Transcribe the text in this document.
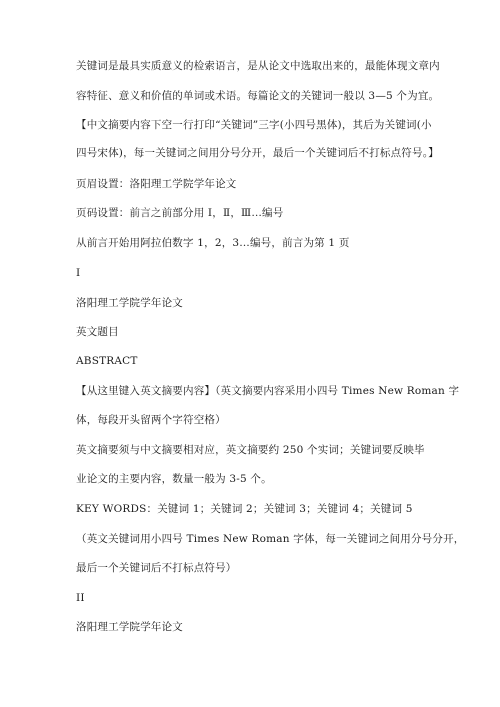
关键词是最具实质意义的检索语言，是从论文中选取出来的，最能体现文章内
容特征、意义和价值的单词或术语。每篇论文的关键词一般以 3—5 个为宜。
【中文摘要内容下空一行打印“关键词”三字(小四号黑体)，其后为关键词(小
四号宋体)，每一关键词之间用分号分开，最后一个关键词后不打标点符号。】
页眉设置：洛阳理工学院学年论文
页码设置：前言之前部分用 Ⅰ，Ⅱ，Ⅲ…编号
从前言开始用阿拉伯数字 1，2，3…编号，前言为第 1 页
I
洛阳理工学院学年论文
英文题目
ABSTRACT
【从这里键入英文摘要内容】（英文摘要内容采用小四号 Times New Roman 字
体，每段开头留两个字符空格）
英文摘要须与中文摘要相对应，英文摘要约 250 个实词；关键词要反映毕
业论文的主要内容，数量一般为 3-5 个。
KEY WORDS：关键词 1；关键词 2；关键词 3；关键词 4；关键词 5
（英文关键词用小四号 Times New Roman 字体，每一关键词之间用分号分开，
最后一个关键词后不打标点符号）
II
洛阳理工学院学年论文
